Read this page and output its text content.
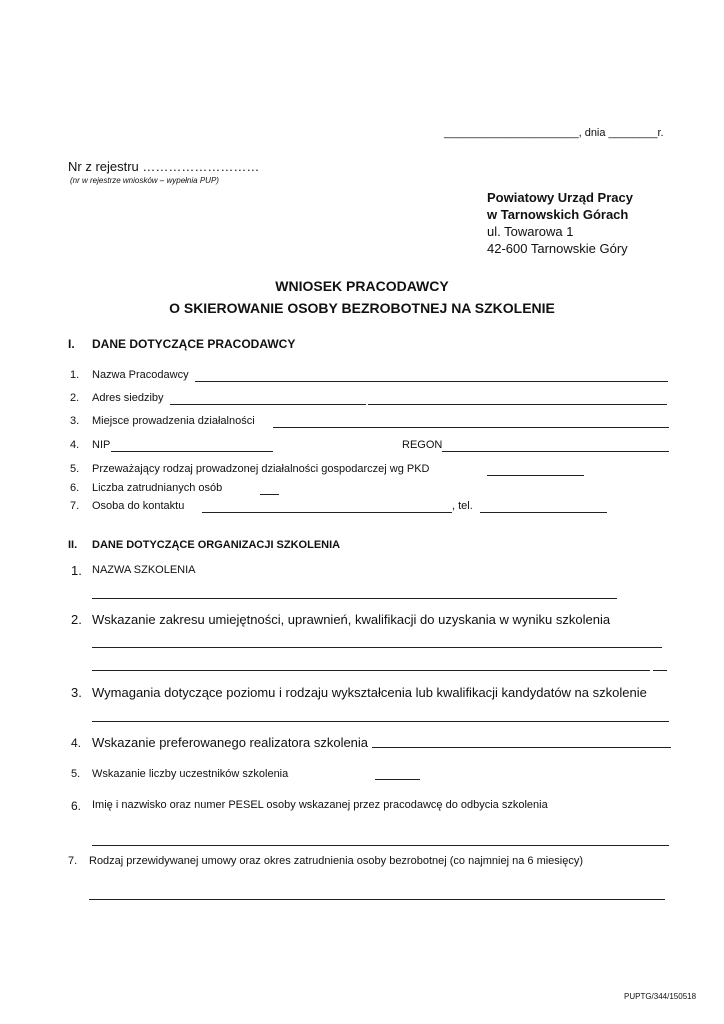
______________________, dnia ________r.
Nr z rejestru ………………………
(nr w rejestrze wniosków – wypełnia PUP)
Powiatowy Urząd Pracy
w Tarnowskich Górach
ul. Towarowa 1
42-600 Tarnowskie Góry
WNIOSEK PRACODAWCY
O SKIEROWANIE OSOBY BEZROBOTNEJ NA SZKOLENIE
I. DANE DOTYCZĄCE PRACODAWCY
1. Nazwa Pracodawcy
2. Adres siedziby
3. Miejsce prowadzenia działalności
4. NIP	REGON
5. Przeważający rodzaj prowadzonej działalności gospodarczej wg PKD
6. Liczba zatrudnianych osób
7. Osoba do kontaktu	, tel.
II. DANE DOTYCZĄCE ORGANIZACJI SZKOLENIA
1. NAZWA SZKOLENIA
2. Wskazanie zakresu umiejętności, uprawnień, kwalifikacji do uzyskania w wyniku szkolenia
3. Wymagania dotyczące poziomu i rodzaju wykształcenia lub kwalifikacji kandydatów na szkolenie
4. Wskazanie preferowanego realizatora szkolenia
5. Wskazanie liczby uczestników szkolenia
6. Imię i nazwisko oraz numer PESEL osoby wskazanej przez pracodawcę do odbycia szkolenia
7. Rodzaj przewidywanej umowy oraz okres zatrudnienia osoby bezrobotnej (co najmniej na 6 miesięcy)
PUPTG/344/150518
